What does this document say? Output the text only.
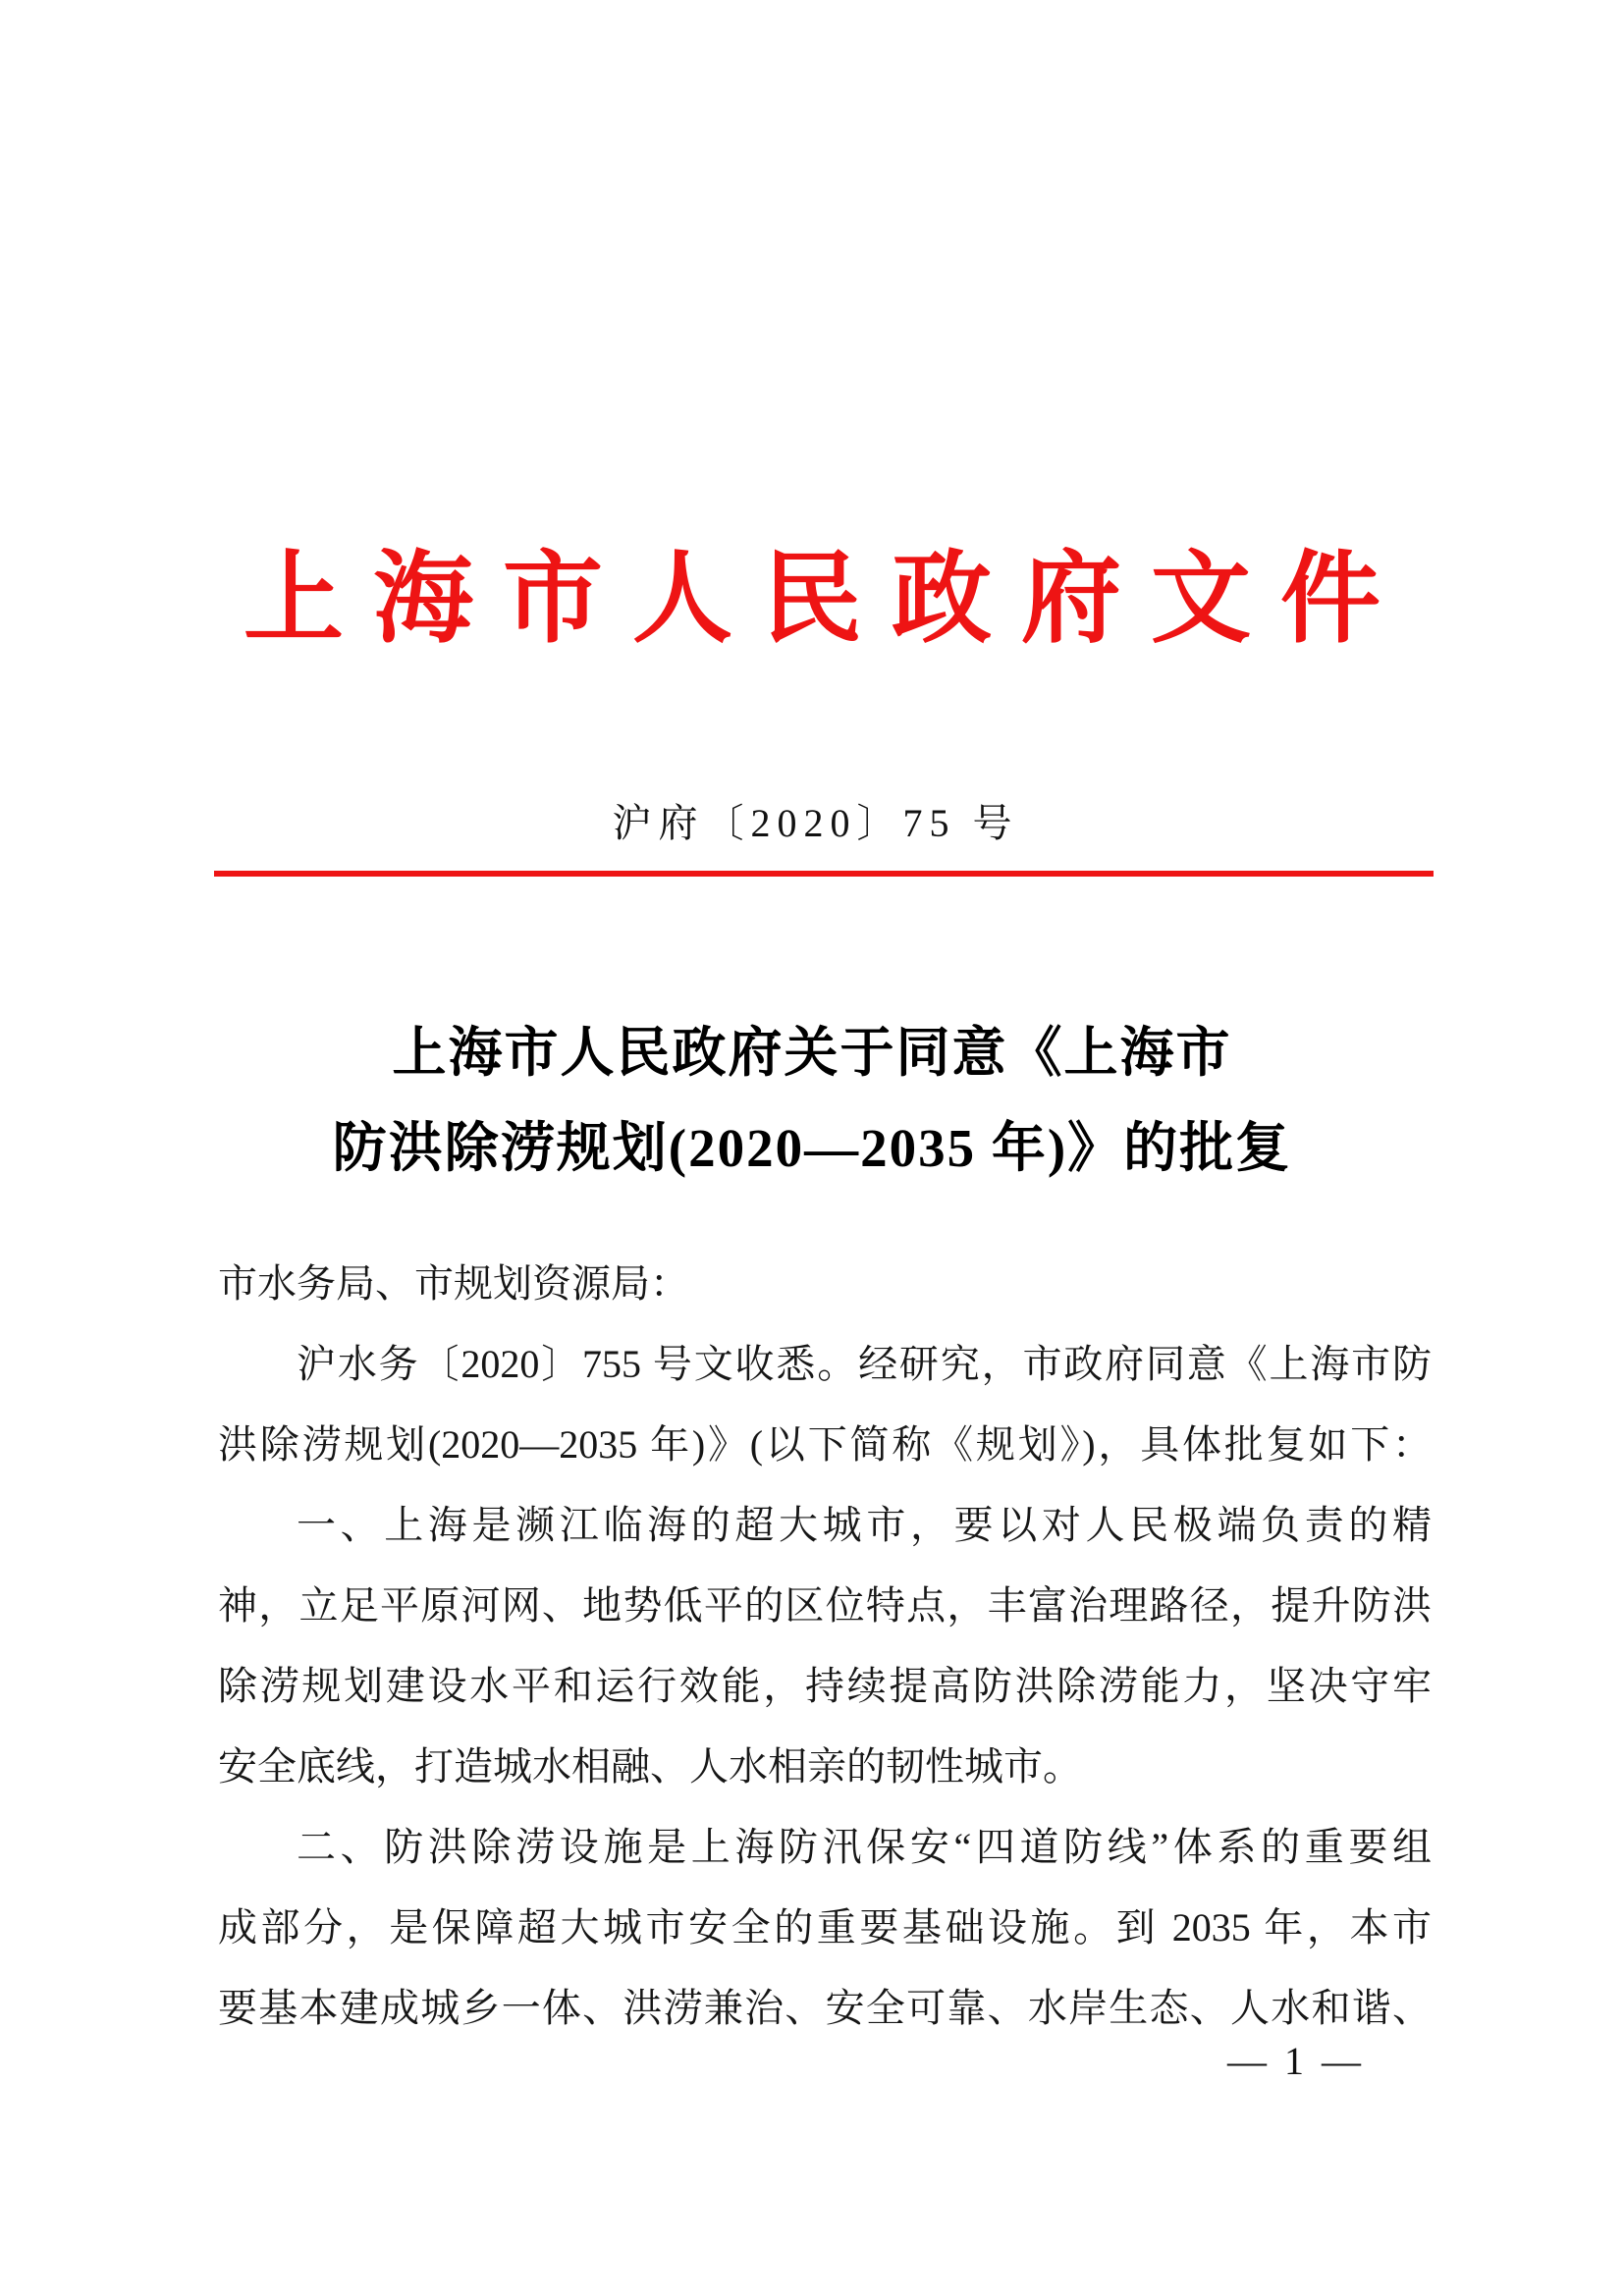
上海市人民政府文件
沪府〔2020〕75 号
上海市人民政府关于同意《上海市
防洪除涝规划(2020—2035 年)》的批复
市水务局、市规划资源局：
沪水务〔2020〕755 号文收悉。经研究，市政府同意《上海市防
洪除涝规划(2020—2035 年)》(以下简称《规划》)，具体批复如下：
一、上海是濒江临海的超大城市，要以对人民极端负责的精
神，立足平原河网、地势低平的区位特点，丰富治理路径，提升防洪
除涝规划建设水平和运行效能，持续提高防洪除涝能力，坚决守牢
安全底线，打造城水相融、人水相亲的韧性城市。
二、防洪除涝设施是上海防汛保安“四道防线”体系的重要组
成部分，是保障超大城市安全的重要基础设施。到 2035 年，本市
要基本建成城乡一体、洪涝兼治、安全可靠、水岸生态、人水和谐、
— 1 —
